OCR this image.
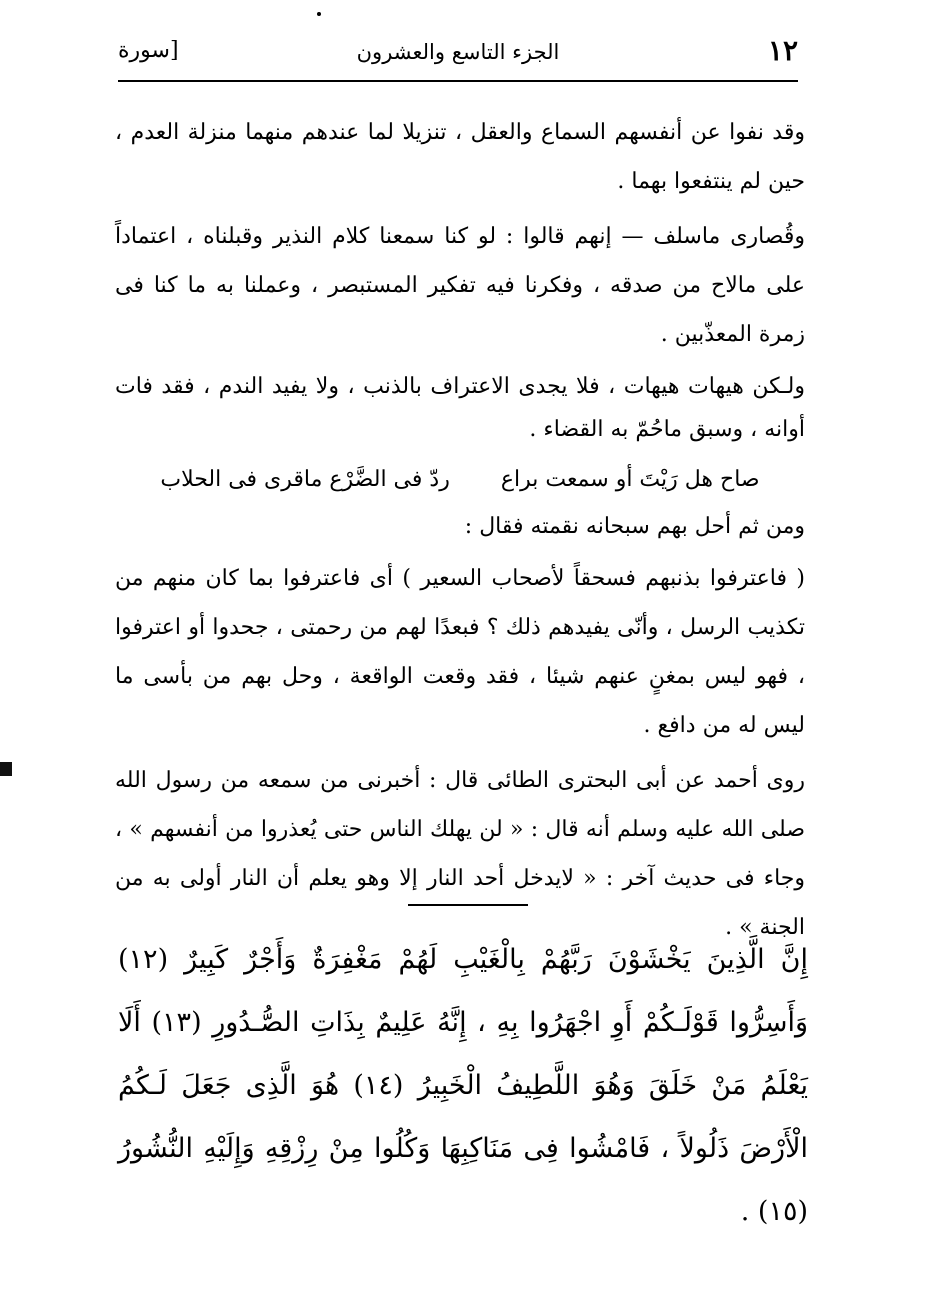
١٢
الجزء التاسع والعشرون
[سورة

وقد نفوا عن أنفسهم السماع والعقل ، تنزيلا لما عندهم منهما منزلة العدم ، حين لم ينتفعوا بهما .

وقُصارى ماسلف — إنهم قالوا : لو كنا سمعنا كلام النذير وقبلناه ، اعتماداً على مالاح من صدقه ، وفكرنا فيه تفكير المستبصر ، وعملنا به ما كنا فى زمرة المعذّبين .

ولـكن هيهات هيهات ، فلا يجدى الاعتراف بالذنب ، ولا يفيد الندم ، فقد فات أوانه ، وسبق ماحُمّ به القضاء .

صاح هل رَيْتَ أو سمعت براع ردّ فى الضَّرْع ماقرى فى الحلاب

ومن ثم أحل بهم سبحانه نقمته فقال :

( فاعترفوا بذنبهم فسحقاً لأصحاب السعير ) أى فاعترفوا بما كان منهم من تكذيب الرسل ، وأنّى يفيدهم ذلك ؟ فبعدًا لهم من رحمتى ، جحدوا أو اعترفوا ، فهو ليس بمغنٍ عنهم شيئا ، فقد وقعت الواقعة ، وحل بهم من بأسى ما ليس له من دافع .

روى أحمد عن أبى البحترى الطائى قال : أخبرنى من سمعه من رسول الله صلى الله عليه وسلم أنه قال : « لن يهلك الناس حتى يُعذروا من أنفسهم » ، وجاء فى حديث آخر : « لايدخل أحد النار إلا وهو يعلم أن النار أولى به من الجنة » .

إِنَّ الَّذِينَ يَخْشَوْنَ رَبَّهُمْ بِالْغَيْبِ لَهُمْ مَغْفِرَةٌ وَأَجْرٌ كَبِيرٌ (١٢) وَأَسِرُّوا قَوْلَـكُمْ أَوِ اجْهَرُوا بِهِ ، إِنَّهُ عَلِيمٌ بِذَاتِ الصُّـدُورِ (١٣) أَلَا يَعْلَمُ مَنْ خَلَقَ وَهُوَ اللَّطِيفُ الْخَبِيرُ (١٤) هُوَ الَّذِى جَعَلَ لَـكُمُ الْأَرْضَ ذَلُولاً ، فَامْشُوا فِى مَنَاكِبِهَا وَكُلُوا مِنْ رِزْقِهِ وَإِلَيْهِ النُّشُورُ (١٥) .
